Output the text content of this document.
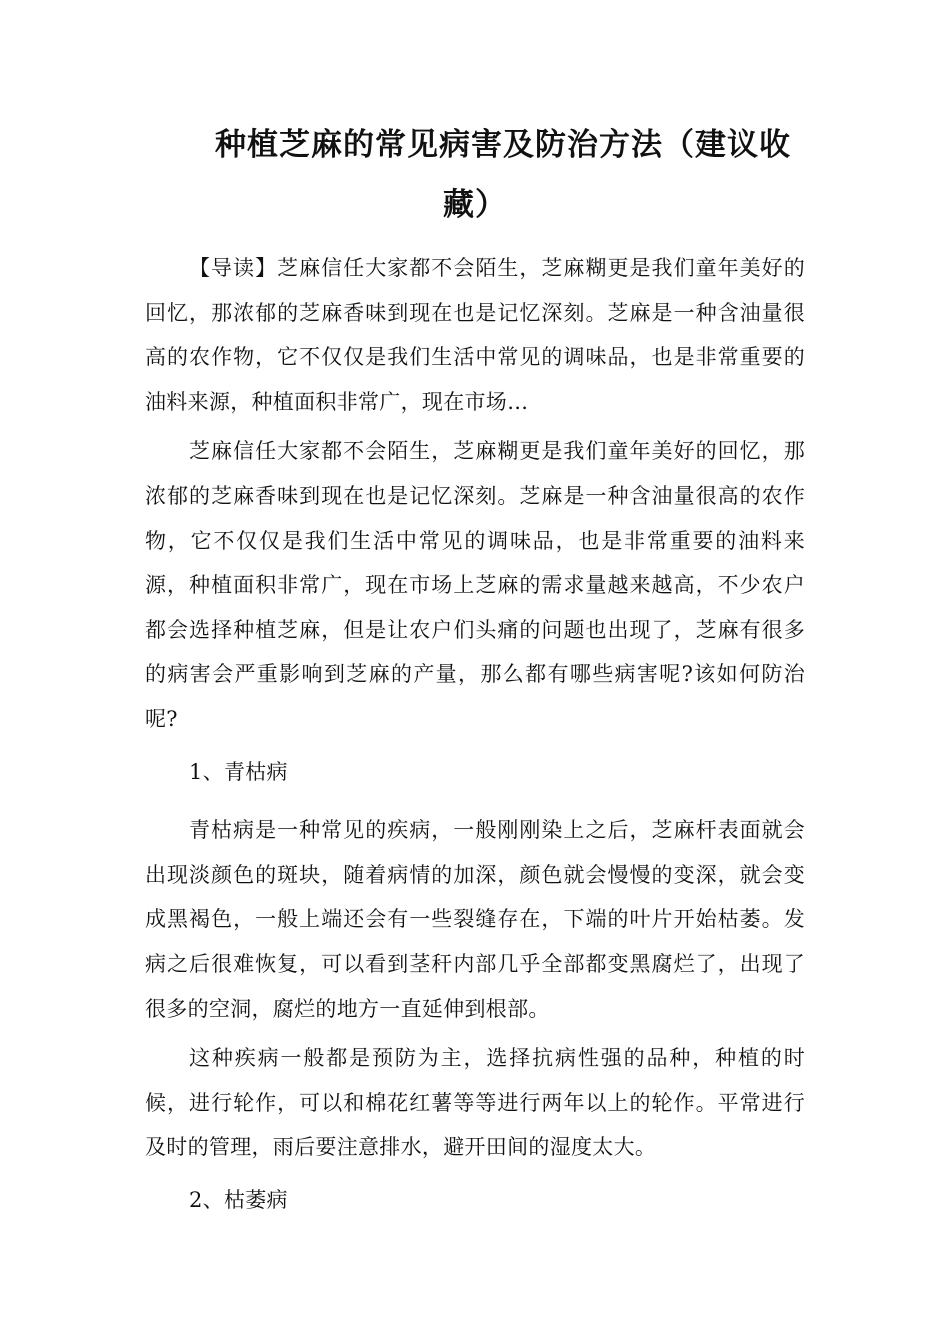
种植芝麻的常见病害及防治方法（建议收藏）

【导读】芝麻信任大家都不会陌生，芝麻糊更是我们童年美好的回忆，那浓郁的芝麻香味到现在也是记忆深刻。芝麻是一种含油量很高的农作物，它不仅仅是我们生活中常见的调味品，也是非常重要的油料来源，种植面积非常广，现在市场…

芝麻信任大家都不会陌生，芝麻糊更是我们童年美好的回忆，那浓郁的芝麻香味到现在也是记忆深刻。芝麻是一种含油量很高的农作物，它不仅仅是我们生活中常见的调味品，也是非常重要的油料来源，种植面积非常广，现在市场上芝麻的需求量越来越高，不少农户都会选择种植芝麻，但是让农户们头痛的问题也出现了，芝麻有很多的病害会严重影响到芝麻的产量，那么都有哪些病害呢?该如何防治呢?

1、青枯病

青枯病是一种常见的疾病，一般刚刚染上之后，芝麻杆表面就会出现淡颜色的斑块，随着病情的加深，颜色就会慢慢的变深，就会变成黑褐色，一般上端还会有一些裂缝存在，下端的叶片开始枯萎。发病之后很难恢复，可以看到茎秆内部几乎全部都变黑腐烂了，出现了很多的空洞，腐烂的地方一直延伸到根部。

这种疾病一般都是预防为主，选择抗病性强的品种，种植的时候，进行轮作，可以和棉花红薯等等进行两年以上的轮作。平常进行及时的管理，雨后要注意排水，避开田间的湿度太大。

2、枯萎病
